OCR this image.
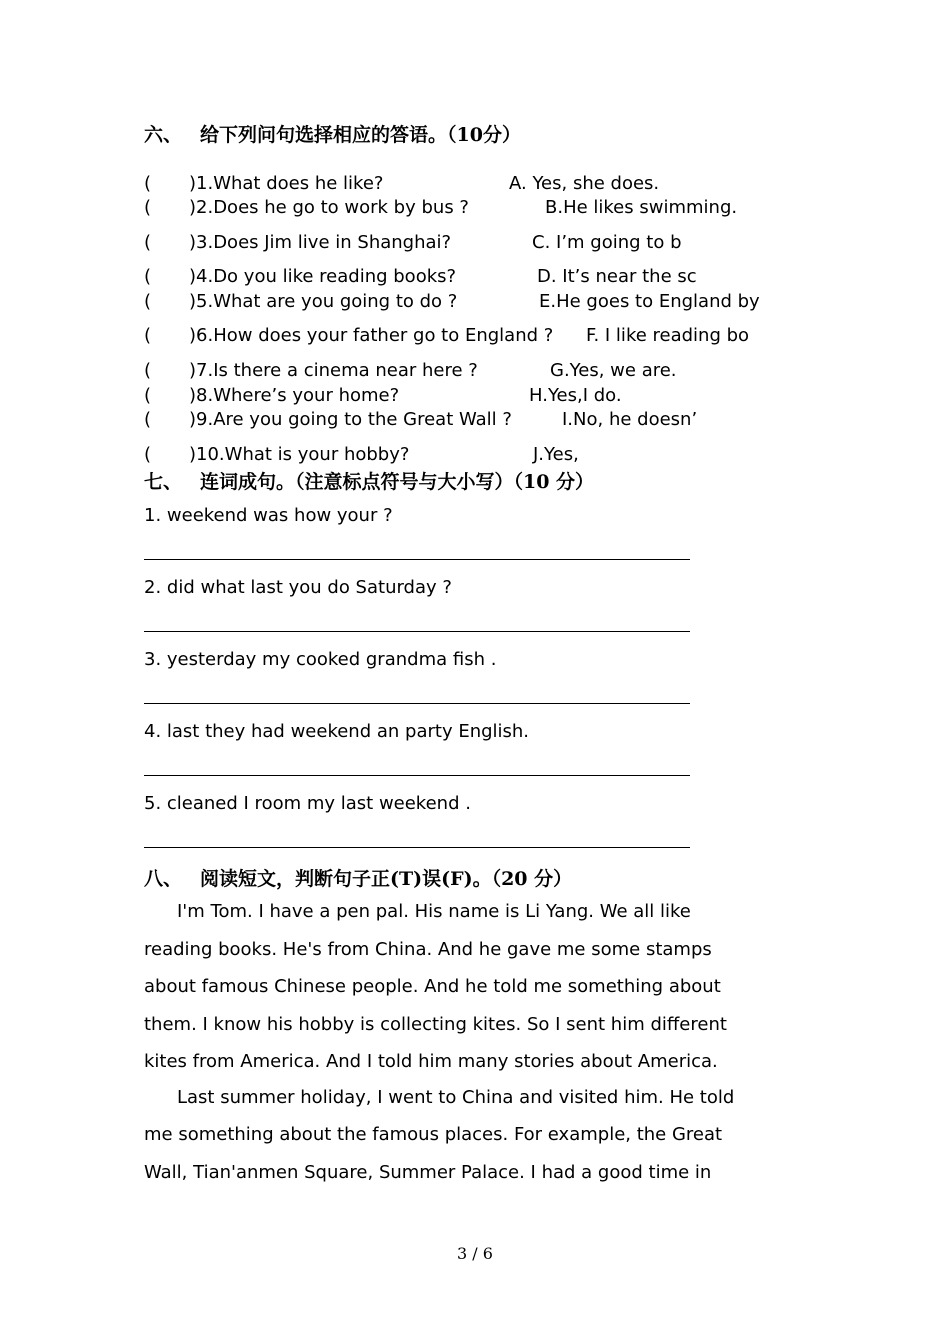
六、 给下列问句选择相应的答语。（10分）
( )1.What does he like?	A. Yes, she does.
( )2.Does he go to work by bus ?	B.He likes swimming.
( )3.Does Jim live in Shanghai?	C. I’m going to b
( )4.Do you like reading books?	D. It’s near the sc
( )5.What are you going to do ?	E.He goes to England by
( )6.How does your father go to England ? F. I like reading bo
( )7.Is there a cinema near here ?	G.Yes, we are.
( )8.Where’s your home?	H.Yes,I do.
( )9.Are you going to the Great Wall ?	I.No, he doesn’
( )10.What is your hobby?	J.Yes,
七、 连词成句。（注意标点符号与大小写）（10 分）
1. weekend was how your ?
2. did what last you do Saturday ?
3. yesterday my cooked grandma fish .
4. last they had weekend an party English.
5. cleaned I room my last weekend .
八、 阅读短文，判断句子正(T)误(F)。（20 分）
I'm Tom. I have a pen pal. His name is Li Yang. We all like
reading books. He's from China. And he gave me some stamps
about famous Chinese people. And he told me something about
them. I know his hobby is collecting kites. So I sent him different
kites from America. And I told him many stories about America.
Last summer holiday, I went to China and visited him. He told
me something about the famous places. For example, the Great
Wall, Tian'anmen Square, Summer Palace. I had a good time in
3 / 6
